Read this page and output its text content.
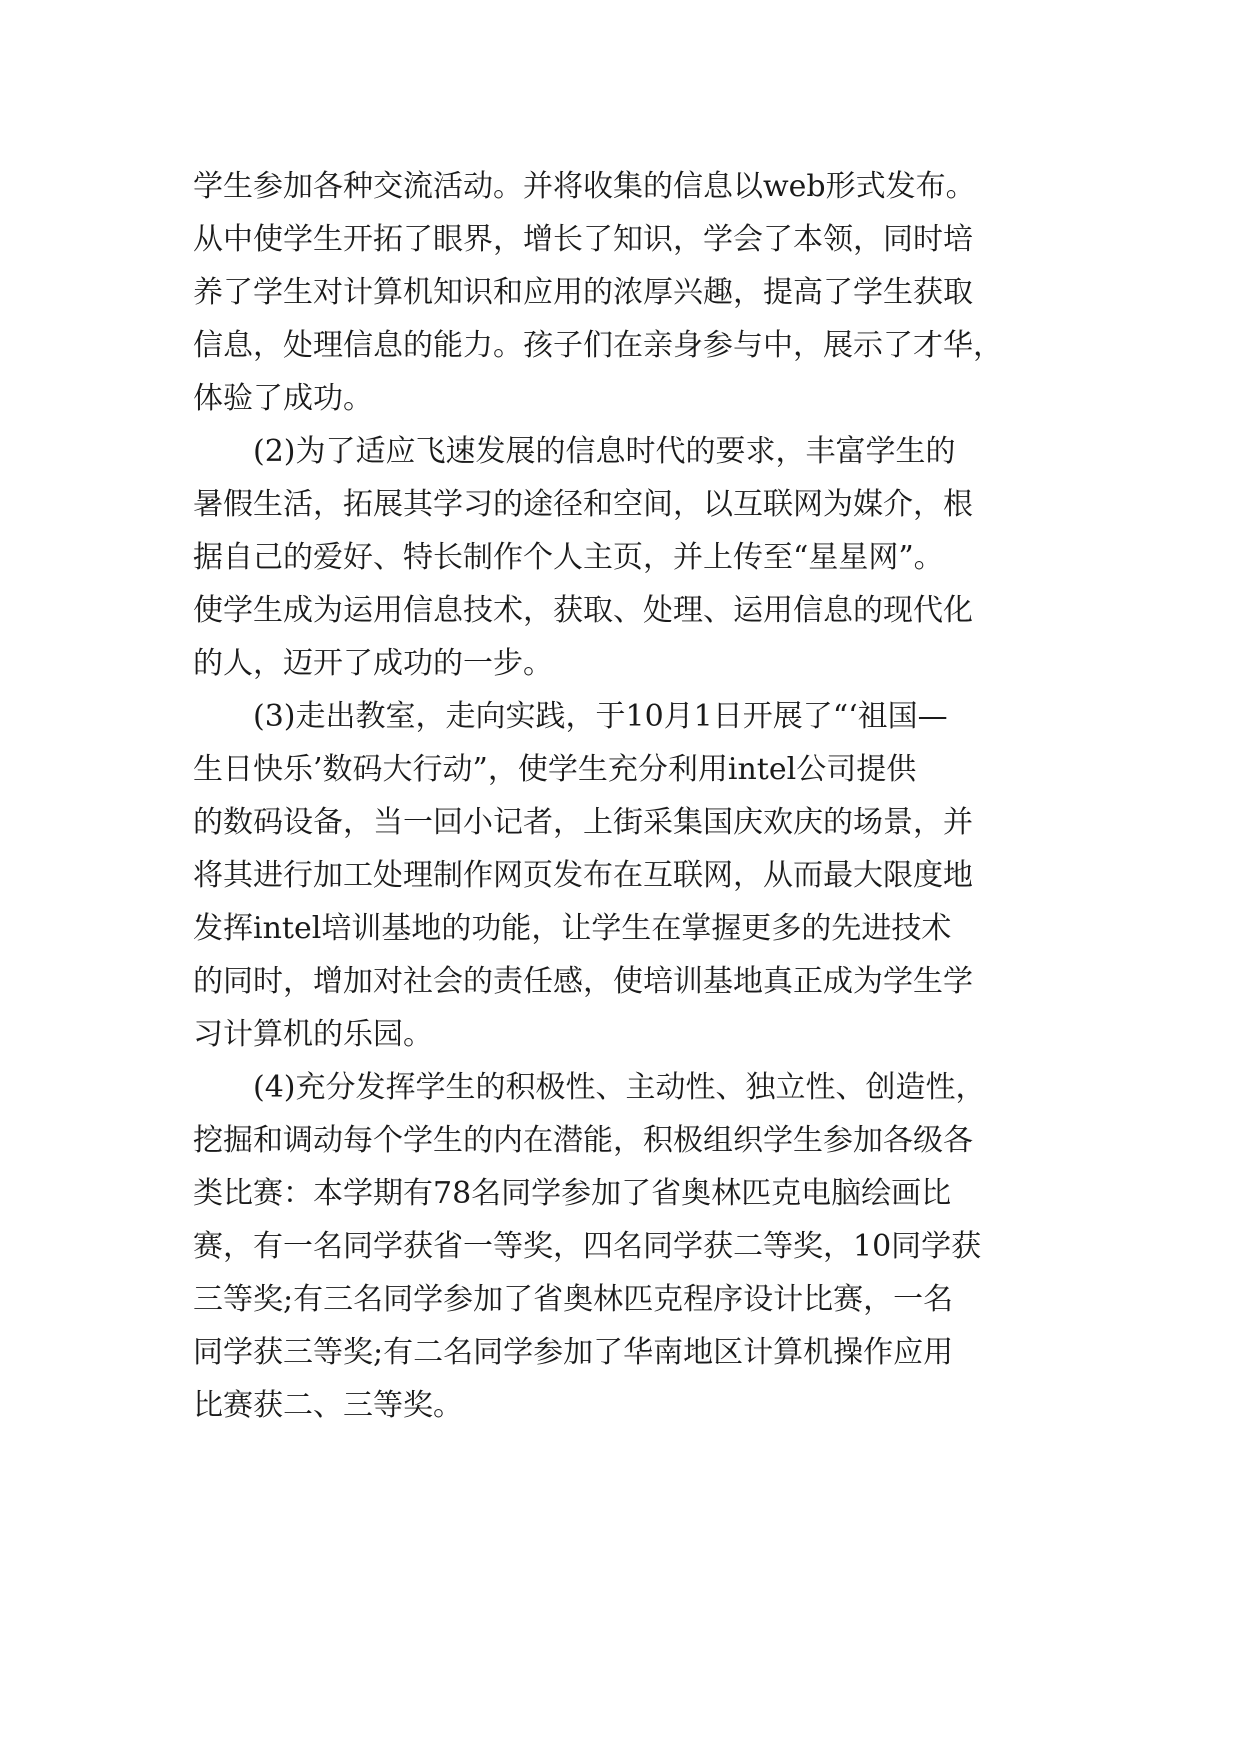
学生参加各种交流活动。并将收集的信息以web形式发布。
从中使学生开拓了眼界，增长了知识，学会了本领，同时培
养了学生对计算机知识和应用的浓厚兴趣，提高了学生获取
信息，处理信息的能力。孩子们在亲身参与中，展示了才华，
体验了成功。
(2)为了适应飞速发展的信息时代的要求，丰富学生的
暑假生活，拓展其学习的途径和空间，以互联网为媒介，根
据自己的爱好、特长制作个人主页，并上传至“星星网”。
使学生成为运用信息技术，获取、处理、运用信息的现代化
的人，迈开了成功的一步。
(3)走出教室，走向实践，于10月1日开展了“‘祖国—
生日快乐’数码大行动”，使学生充分利用intel公司提供
的数码设备，当一回小记者，上街采集国庆欢庆的场景，并
将其进行加工处理制作网页发布在互联网，从而最大限度地
发挥intel培训基地的功能，让学生在掌握更多的先进技术
的同时，增加对社会的责任感，使培训基地真正成为学生学
习计算机的乐园。
(4)充分发挥学生的积极性、主动性、独立性、创造性，
挖掘和调动每个学生的内在潜能，积极组织学生参加各级各
类比赛：本学期有78名同学参加了省奥林匹克电脑绘画比
赛，有一名同学获省一等奖，四名同学获二等奖，10同学获
三等奖;有三名同学参加了省奥林匹克程序设计比赛，一名
同学获三等奖;有二名同学参加了华南地区计算机操作应用
比赛获二、三等奖。
